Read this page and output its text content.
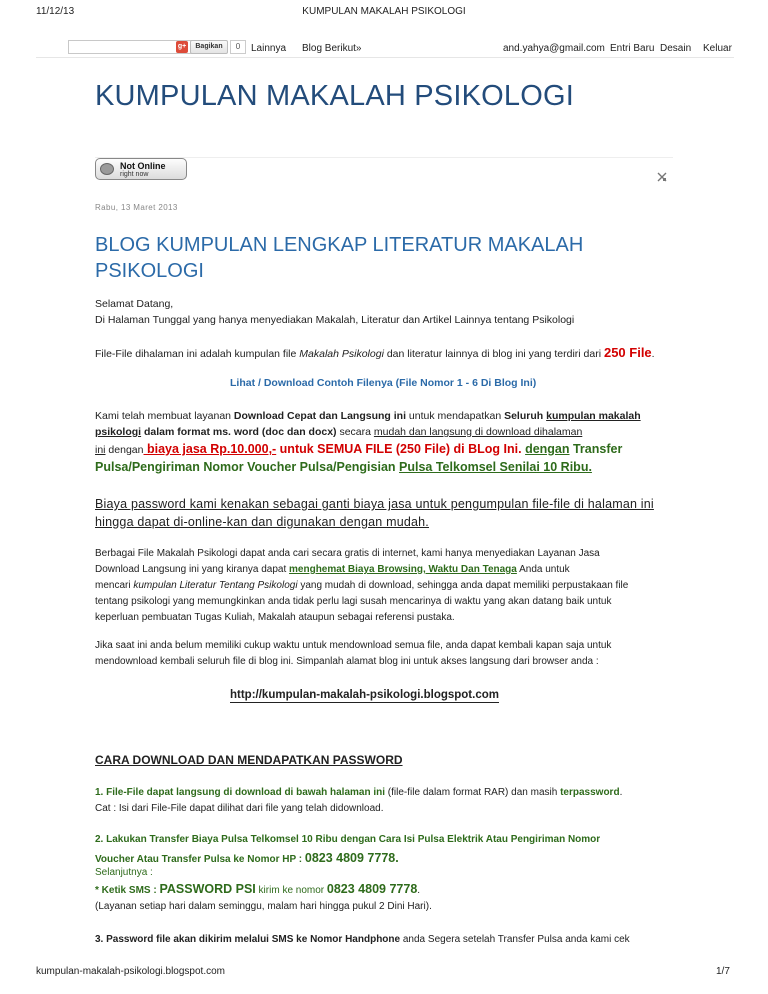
11/12/13	KUMPULAN MAKALAH PSIKOLOGI
g+	Bagikan	0	Lainnya Blog Berikut»	and.yahya@gmail.com Entri Baru Desain Keluar
KUMPULAN MAKALAH PSIKOLOGI
Not Online
right now
Rabu, 13 Maret 2013
BLOG KUMPULAN LENGKAP LITERATUR MAKALAH PSIKOLOGI
Selamat Datang,
Di Halaman Tunggal yang hanya menyediakan Makalah, Literatur dan Artikel Lainnya tentang Psikologi
File-File dihalaman ini adalah kumpulan file Makalah Psikologi dan literatur lainnya di blog ini yang terdiri dari 250 File.
Lihat / Download Contoh Filenya (File Nomor 1 - 6 Di Blog Ini)
Kami telah membuat layanan Download Cepat dan Langsung ini untuk mendapatkan Seluruh kumpulan makalah
psikologi dalam format ms. word (doc dan docx) secara mudah dan langsung di download dihalaman
ini dengan biaya jasa Rp.10.000,- untuk SEMUA FILE (250 File) di BLog Ini. dengan Transfer
Pulsa/Pengiriman Nomor Voucher Pulsa/Pengisian Pulsa Telkomsel Senilai 10 Ribu.
Biaya password kami kenakan sebagai ganti biaya jasa untuk pengumpulan file-file di halaman ini
hingga dapat di-online-kan dan digunakan dengan mudah.
Berbagai File Makalah Psikologi dapat anda cari secara gratis di internet, kami hanya menyediakan Layanan Jasa
Download Langsung ini yang kiranya dapat menghemat Biaya Browsing, Waktu Dan Tenaga Anda untuk
mencari kumpulan Literatur Tentang Psikologi yang mudah di download, sehingga anda dapat memiliki perpustakaan file
tentang psikologi yang memungkinkan anda tidak perlu lagi susah mencarinya di waktu yang akan datang baik untuk
keperluan pembuatan Tugas Kuliah, Makalah ataupun sebagai referensi pustaka.
Jika saat ini anda belum memiliki cukup waktu untuk mendownload semua file, anda dapat kembali kapan saja untuk
mendownload kembali seluruh file di blog ini. Simpanlah alamat blog ini untuk akses langsung dari browser anda :
http://kumpulan-makalah-psikologi.blogspot.com
CARA DOWNLOAD DAN MENDAPATKAN PASSWORD
1. File-File dapat langsung di download di bawah halaman ini (file-file dalam format RAR) dan masih terpassword.
Cat : Isi dari File-File dapat dilihat dari file yang telah didownload.
2. Lakukan Transfer Biaya Pulsa Telkomsel 10 Ribu dengan Cara Isi Pulsa Elektrik Atau Pengiriman Nomor
Voucher Atau Transfer Pulsa ke Nomor HP : 0823 4809 7778.
Selanjutnya :
* Ketik SMS : PASSWORD PSI kirim ke nomor 0823 4809 7778.
(Layanan setiap hari dalam seminggu, malam hari hingga pukul 2 Dini Hari).
3. Password file akan dikirim melalui SMS ke Nomor Handphone anda Segera setelah Transfer Pulsa anda kami cek
kumpulan-makalah-psikologi.blogspot.com	1/7
